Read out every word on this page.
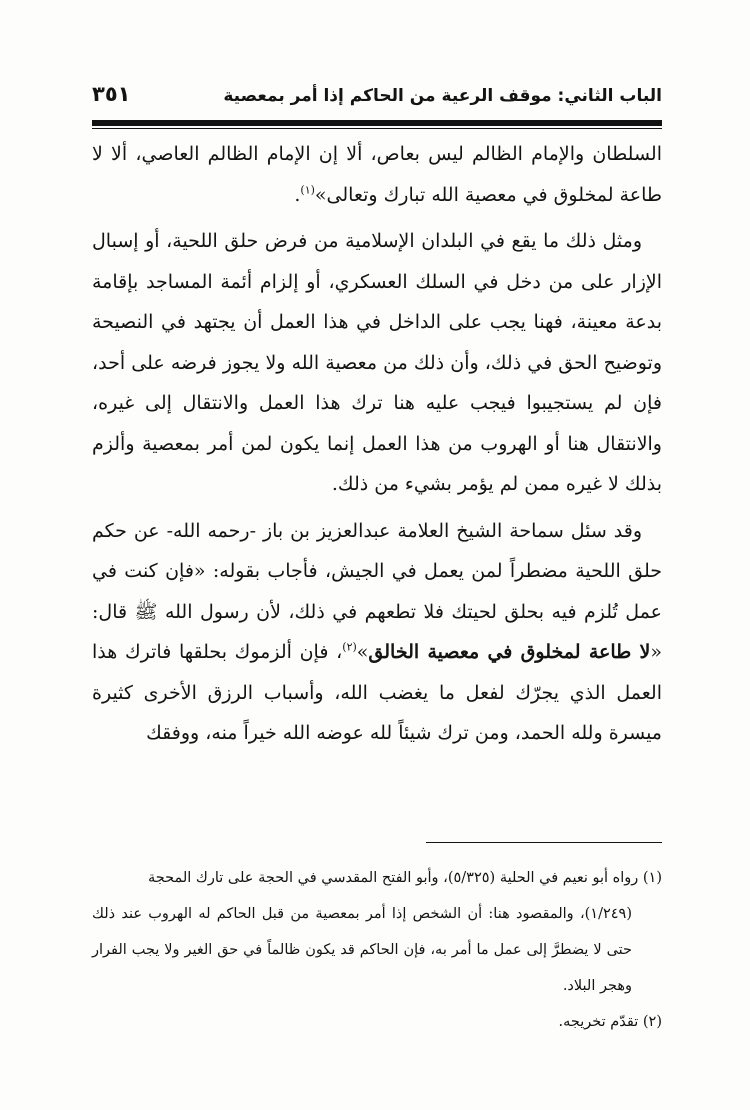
الباب الثاني: موقف الرعية من الحاكم إذا أمر بمعصية
٣٥١

السلطان والإمام الظالم ليس بعاص، ألا إن الإمام الظالم العاصي، ألا لا طاعة لمخلوق في معصية الله تبارك وتعالى»$^{(١)}$.

ومثل ذلك ما يقع في البلدان الإسلامية من فرض حلق اللحية، أو إسبال الإزار على من دخل في السلك العسكري، أو إلزام أئمة المساجد بإقامة بدعة معينة، فهنا يجب على الداخل في هذا العمل أن يجتهد في النصيحة وتوضيح الحق في ذلك، وأن ذلك من معصية الله ولا يجوز فرضه على أحد، فإن لم يستجيبوا فيجب عليه هنا ترك هذا العمل والانتقال إلى غيره، والانتقال هنا أو الهروب من هذا العمل إنما يكون لمن أمر بمعصية وألزم بذلك لا غيره ممن لم يؤمر بشيء من ذلك.

وقد سئل سماحة الشيخ العلامة عبدالعزيز بن باز -رحمه الله- عن حكم حلق اللحية مضطراً لمن يعمل في الجيش، فأجاب بقوله: «فإن كنت في عمل تُلزم فيه بحلق لحيتك فلا تطعهم في ذلك، لأن رسول الله ﷺ قال: «لا طاعة لمخلوق في معصية الخالق»$^{(٢)}$، فإن ألزموك بحلقها فاترك هذا العمل الذي يجرّك لفعل ما يغضب الله، وأسباب الرزق الأخرى كثيرة ميسرة ولله الحمد، ومن ترك شيئاً لله عوضه الله خيراً منه، ووفقك

(١) رواه أبو نعيم في الحلية (٥/٣٢٥)، وأبو الفتح المقدسي في الحجة على تارك المحجة

(١/٢٤٩)، والمقصود هنا: أن الشخص إذا أمر بمعصية من قبل الحاكم له الهروب عند ذلك حتى لا يضطرَّ إلى عمل ما أمر به، فإن الحاكم قد يكون ظالماً في حق الغير ولا يجب الفرار وهجر البلاد.

(٢) تقدّم تخريجه.
